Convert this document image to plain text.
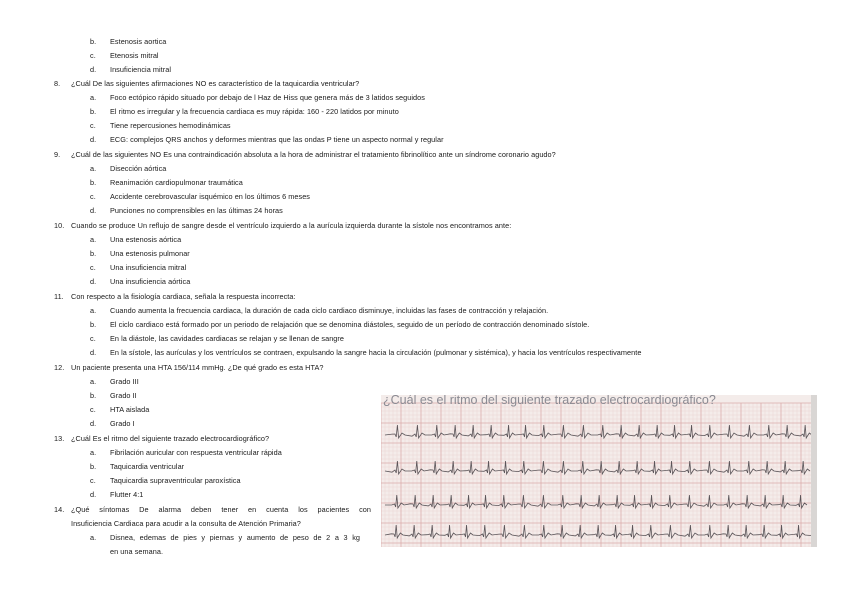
b. Estenosis aortica
c. Etenosis mitral
d. Insuficiencia mitral
8. ¿Cuál De las siguientes afirmaciones NO es característico de la taquicardia ventricular?
a. Foco ectópico rápido situado por debajo de l Haz de Hiss que genera más de 3 latidos seguidos
b. El ritmo es irregular y la frecuencia cardiaca es muy rápida: 160 - 220 latidos por minuto
c. Tiene repercusiones hemodinámicas
d. ECG: complejos QRS anchos y deformes mientras que las ondas P tiene un aspecto normal y regular
9. ¿Cuál de las siguientes NO Es una contraindicación absoluta a la hora de administrar el tratamiento fibrinolítico ante un síndrome coronario agudo?
a. Disección aórtica
b. Reanimación cardiopulmonar traumática
c. Accidente cerebrovascular isquémico en los últimos 6 meses
d. Punciones no comprensibles en las últimas 24 horas
10. Cuando se produce Un reflujo de sangre desde el ventrículo izquierdo a la aurícula izquierda durante la sístole nos encontramos ante:
a. Una estenosis aórtica
b. Una estenosis pulmonar
c. Una insuficiencia mitral
d. Una insuficiencia aórtica
11. Con respecto a la fisiología cardiaca, señala la respuesta incorrecta:
a. Cuando aumenta la frecuencia cardiaca, la duración de cada ciclo cardiaco disminuye, incluidas las fases de contracción y relajación.
b. El ciclo cardiaco está formado por un periodo de relajación que se denomina diástoles, seguido de un período de contracción denominado sístole.
c. En la diástole, las cavidades cardiacas se relajan y se llenan de sangre
d. En la sístole, las aurículas y los ventrículos se contraen, expulsando la sangre hacia la circulación (pulmonar y sistémica), y hacia los ventrículos respectivamente
12. Un paciente presenta una HTA 156/114 mmHg. ¿De qué grado es esta HTA?
a. Grado III
b. Grado II
c. HTA aislada
d. Grado I
13. ¿Cuál Es el ritmo del siguiente trazado electrocardiográfico?
a. Fibrilación auricular con respuesta ventricular rápida
b. Taquicardia ventricular
c. Taquicardia supraventricular paroxística
d. Flutter 4:1
14. ¿Qué síntomas De alarma deben tener en cuenta los pacientes con
Insuficiencia Cardiaca para acudir a la consulta de Atención Primaria?
a. Disnea, edemas de pies y piernas y aumento de peso de 2 a 3 kg
en una semana.
¿Cuál es el ritmo del siguiente trazado electrocardiográfico?
